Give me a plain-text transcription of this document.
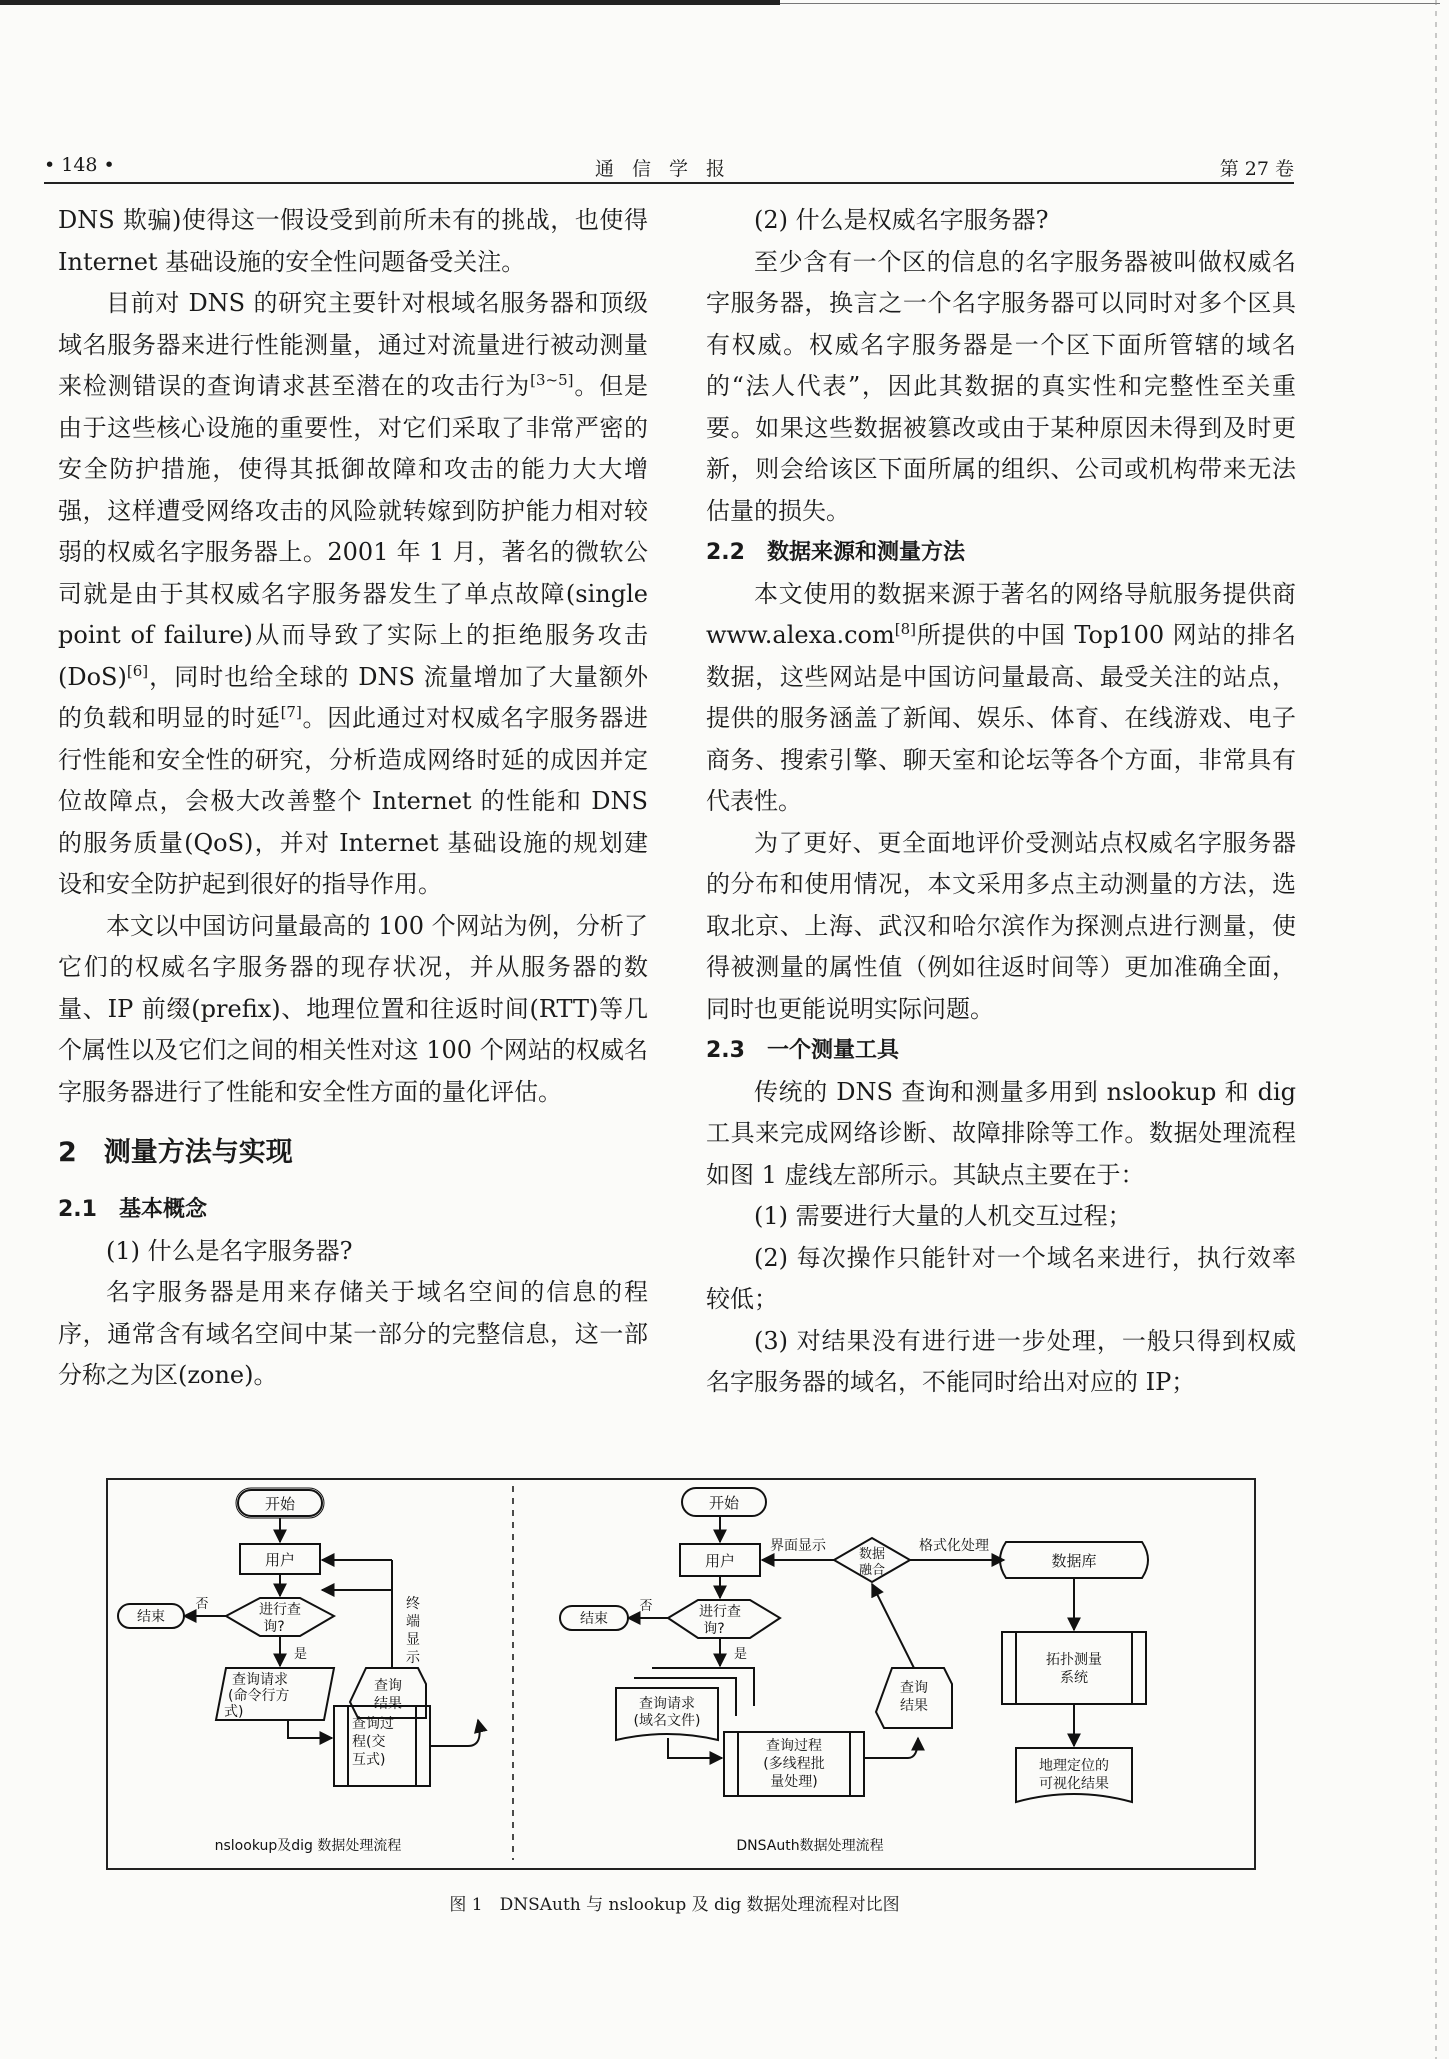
• 148 •	通信学报	第 27 卷

DNS 欺骗)使得这一假设受到前所未有的挑战，也使得 Internet 基础设施的安全性问题备受关注。

目前对 DNS 的研究主要针对根域名服务器和顶级域名服务器来进行性能测量，通过对流量进行被动测量来检测错误的查询请求甚至潜在的攻击行为[3~5]。但是由于这些核心设施的重要性，对它们采取了非常严密的安全防护措施，使得其抵御故障和攻击的能力大大增强，这样遭受网络攻击的风险就转嫁到防护能力相对较弱的权威名字服务器上。2001 年 1 月，著名的微软公司就是由于其权威名字服务器发生了单点故障(single point of failure)从而导致了实际上的拒绝服务攻击(DoS)[6]，同时也给全球的 DNS 流量增加了大量额外的负载和明显的时延[7]。因此通过对权威名字服务器进行性能和安全性的研究，分析造成网络时延的成因并定位故障点，会极大改善整个 Internet 的性能和 DNS 的服务质量(QoS)，并对 Internet 基础设施的规划建设和安全防护起到很好的指导作用。

本文以中国访问量最高的 100 个网站为例，分析了它们的权威名字服务器的现存状况，并从服务器的数量、IP 前缀(prefix)、地理位置和往返时间(RTT)等几个属性以及它们之间的相关性对这 100 个网站的权威名字服务器进行了性能和安全性方面的量化评估。

2　测量方法与实现
2.1　基本概念

(1) 什么是名字服务器?

名字服务器是用来存储关于域名空间的信息的程序，通常含有域名空间中某一部分的完整信息，这一部分称之为区(zone)。

(2) 什么是权威名字服务器?

至少含有一个区的信息的名字服务器被叫做权威名字服务器，换言之一个名字服务器可以同时对多个区具有权威。权威名字服务器是一个区下面所管辖的域名的“法人代表”，因此其数据的真实性和完整性至关重要。如果这些数据被篡改或由于某种原因未得到及时更新，则会给该区下面所属的组织、公司或机构带来无法估量的损失。

2.2　数据来源和测量方法

本文使用的数据来源于著名的网络导航服务提供商 www.alexa.com[8]所提供的中国 Top100 网站的排名数据，这些网站是中国访问量最高、最受关注的站点，提供的服务涵盖了新闻、娱乐、体育、在线游戏、电子商务、搜索引擎、聊天室和论坛等各个方面，非常具有代表性。

为了更好、更全面地评价受测站点权威名字服务器的分布和使用情况，本文采用多点主动测量的方法，选取北京、上海、武汉和哈尔滨作为探测点进行测量，使得被测量的属性值（例如往返时间等）更加准确全面，同时也更能说明实际问题。

2.3　一个测量工具

传统的 DNS 查询和测量多用到 nslookup 和 dig 工具来完成网络诊断、故障排除等工作。数据处理流程如图 1 虚线左部所示。其缺点主要在于：

(1) 需要进行大量的人机交互过程；

(2) 每次操作只能针对一个域名来进行，执行效率较低；

(3) 对结果没有进行进一步处理，一般只得到权威名字服务器的域名，不能同时给出对应的 IP；

开始
用户
进行查
询?
结束
否
是
终
端
显
示
查询请求
(命令行方
式)
查询
结果
查询过
程(交
互式)
nslookup及dig 数据处理流程
开始
用户
界面显示
数据
融合
格式化处理
数据库
拓扑测量
系统
地理定位的
可视化结果
进行查
询?
结束
否
是
查询请求
(域名文件)
查询
结果
查询过程
(多线程批
量处理)
DNSAuth数据处理流程
图 1　DNSAuth 与 nslookup 及 dig 数据处理流程对比图
